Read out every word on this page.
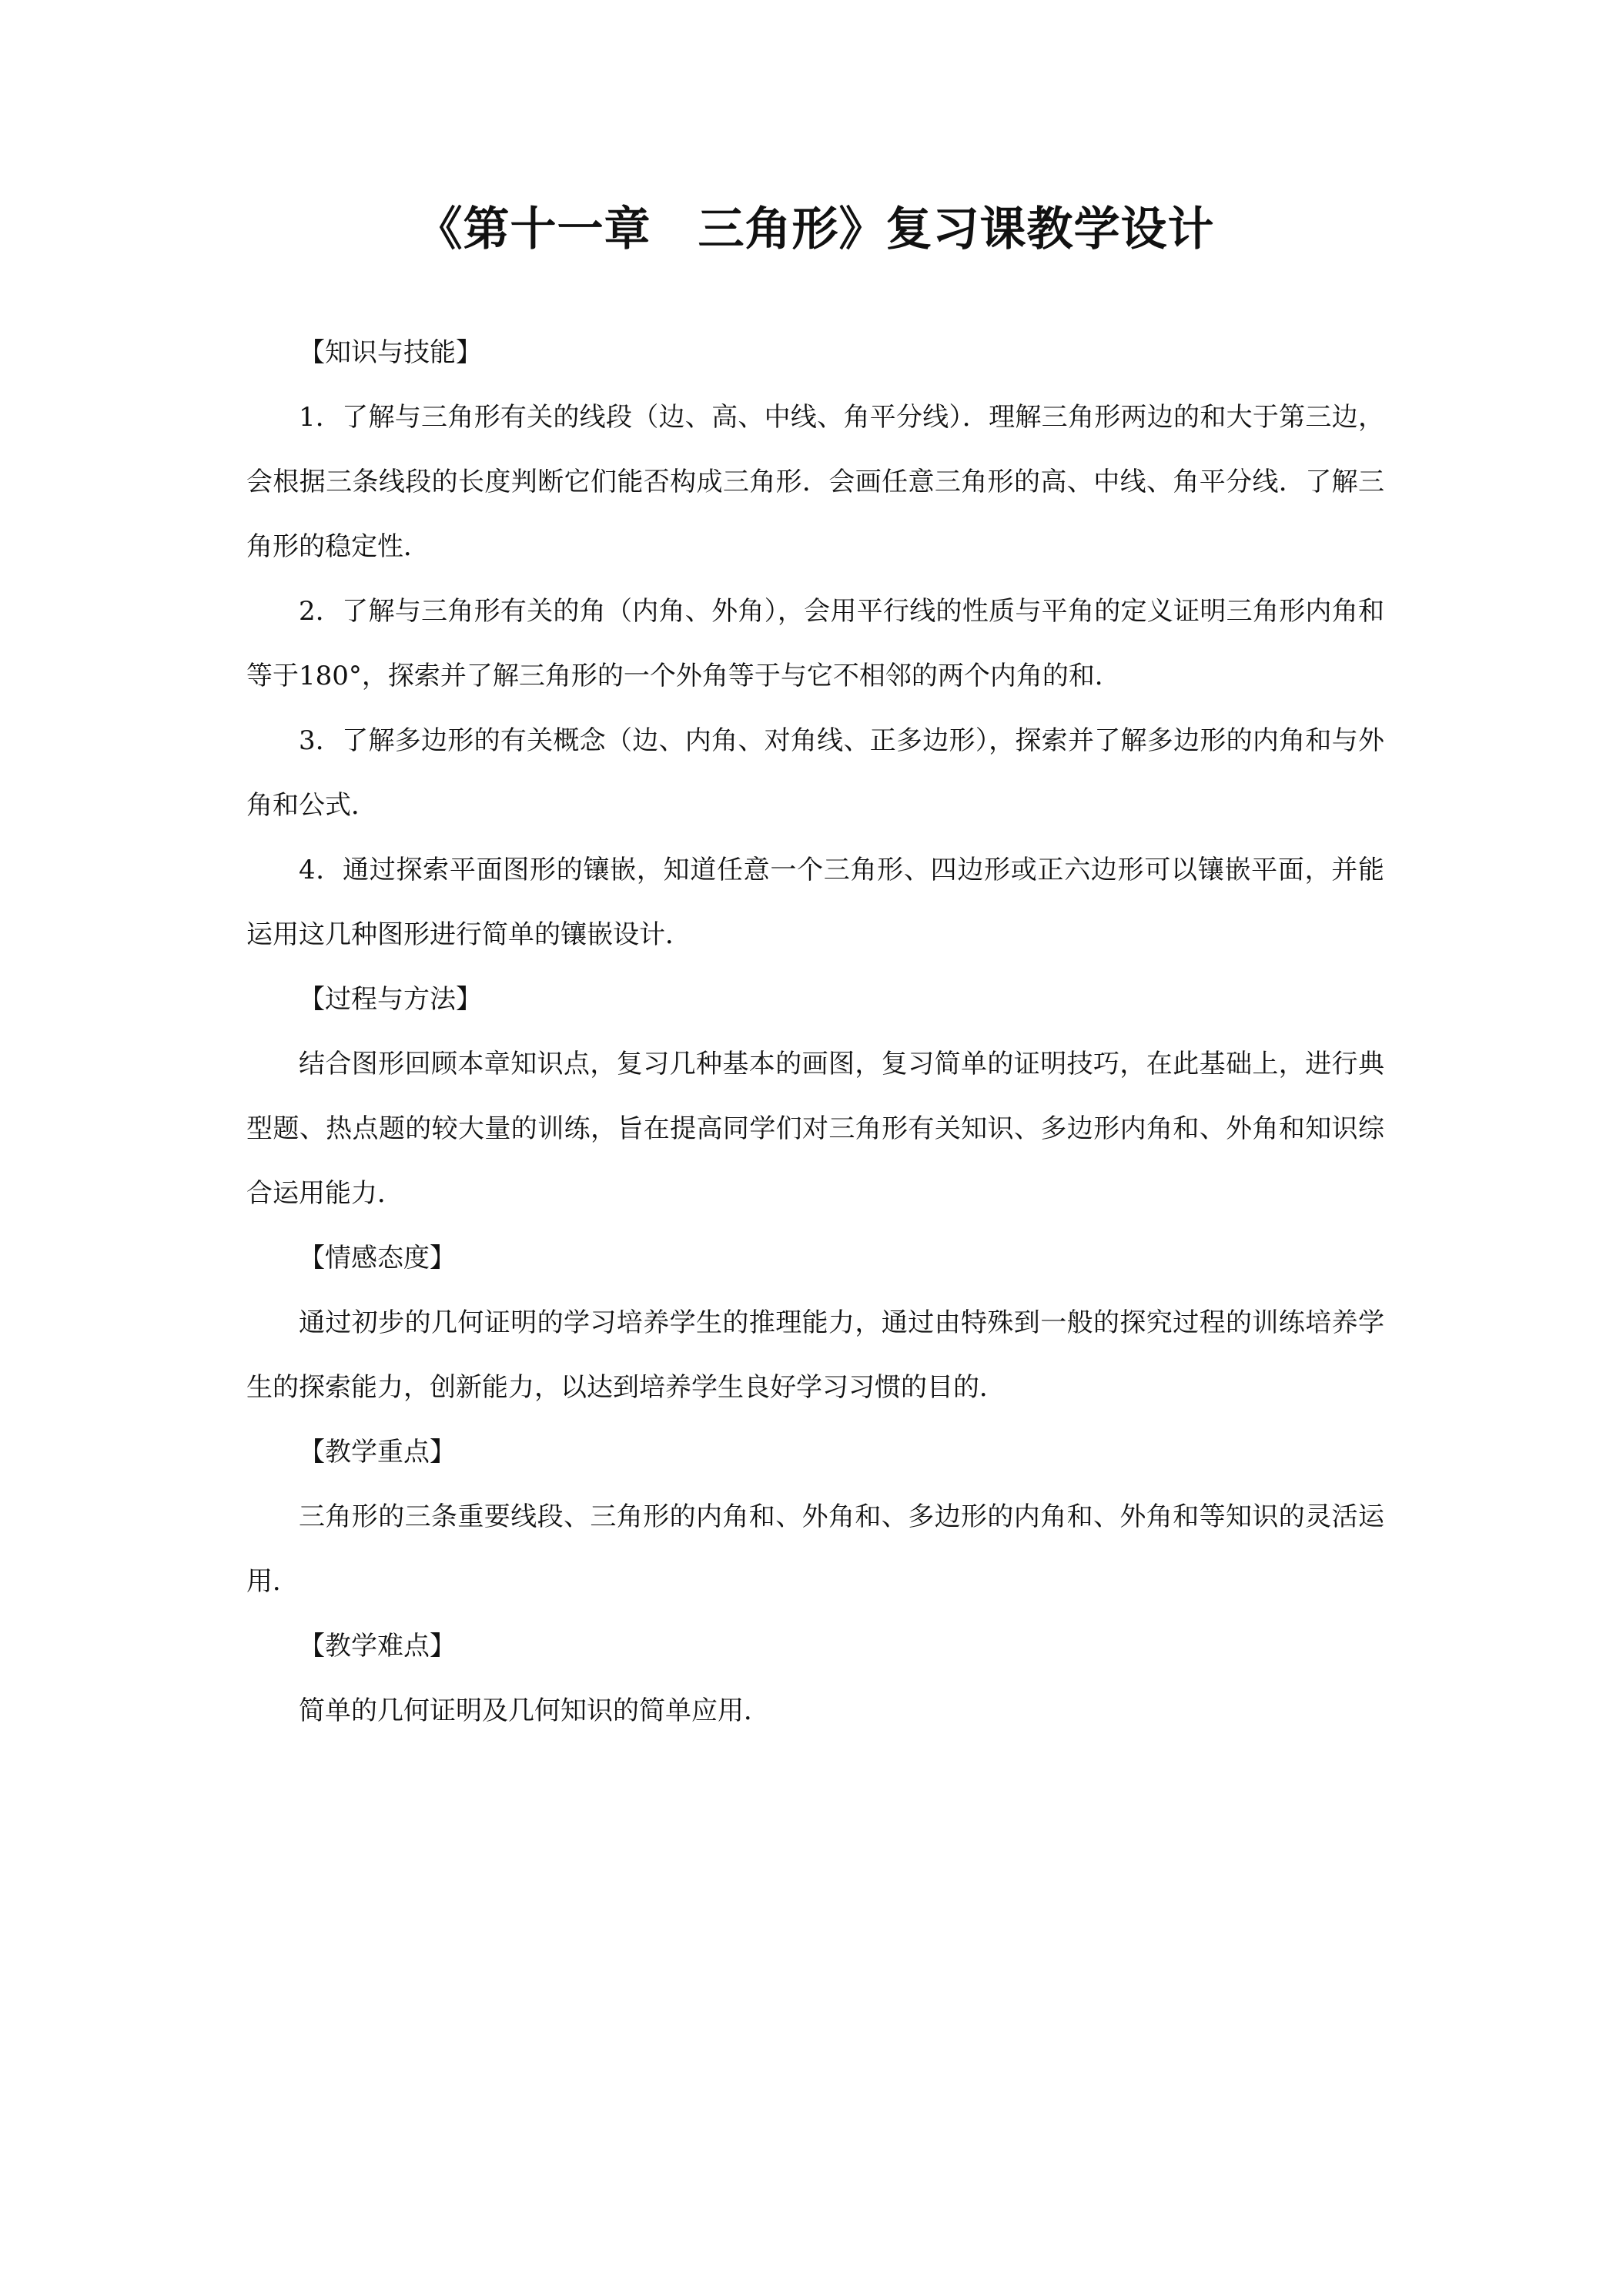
《第十一章　三角形》复习课教学设计

【知识与技能】

1．了解与三角形有关的线段（边、高、中线、角平分线）．理解三角形两边的和大于第三边，会根据三条线段的长度判断它们能否构成三角形．会画任意三角形的高、中线、角平分线．了解三角形的稳定性．

2．了解与三角形有关的角（内角、外角），会用平行线的性质与平角的定义证明三角形内角和等于180°，探索并了解三角形的一个外角等于与它不相邻的两个内角的和．

3．了解多边形的有关概念（边、内角、对角线、正多边形），探索并了解多边形的内角和与外角和公式．

4．通过探索平面图形的镶嵌，知道任意一个三角形、四边形或正六边形可以镶嵌平面，并能运用这几种图形进行简单的镶嵌设计．

【过程与方法】

结合图形回顾本章知识点，复习几种基本的画图，复习简单的证明技巧，在此基础上，进行典型题、热点题的较大量的训练，旨在提高同学们对三角形有关知识、多边形内角和、外角和知识综合运用能力．

【情感态度】

通过初步的几何证明的学习培养学生的推理能力，通过由特殊到一般的探究过程的训练培养学生的探索能力，创新能力，以达到培养学生良好学习习惯的目的．

【教学重点】

三角形的三条重要线段、三角形的内角和、外角和、多边形的内角和、外角和等知识的灵活运用．

【教学难点】

简单的几何证明及几何知识的简单应用．
